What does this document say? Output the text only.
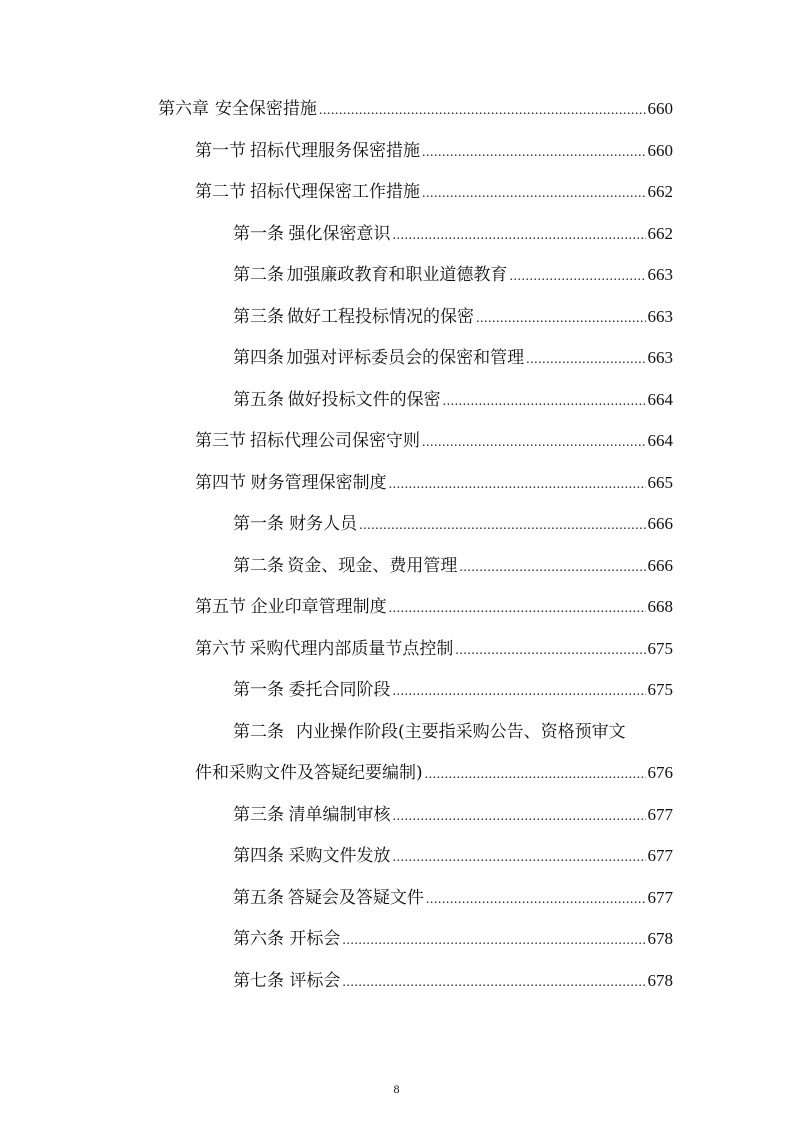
第六章 安全保密措施 .....	660
第一节 招标代理服务保密措施 .....	660
第二节 招标代理保密工作措施 .....	662
第一条 强化保密意识 .....	662
第二条 加强廉政教育和职业道德教育 .....	663
第三条 做好工程投标情况的保密 .....	663
第四条 加强对评标委员会的保密和管理 .....	663
第五条 做好投标文件的保密 .....	664
第三节 招标代理公司保密守则 .....	664
第四节 财务管理保密制度 .....	665
第一条 财务人员 .....	666
第二条 资金、现金、费用管理 .....	666
第五节 企业印章管理制度 .....	668
第六节 采购代理内部质量节点控制 .....	675
第一条 委托合同阶段 .....	675
第二条 内业操作阶段(主要指采购公告、资格预审文
件和采购文件及答疑纪要编制) .....	676
第三条 清单编制审核 .....	677
第四条 采购文件发放 .....	677
第五条 答疑会及答疑文件 .....	677
第六条 开标会 .....	678
第七条 评标会 .....	678
8
